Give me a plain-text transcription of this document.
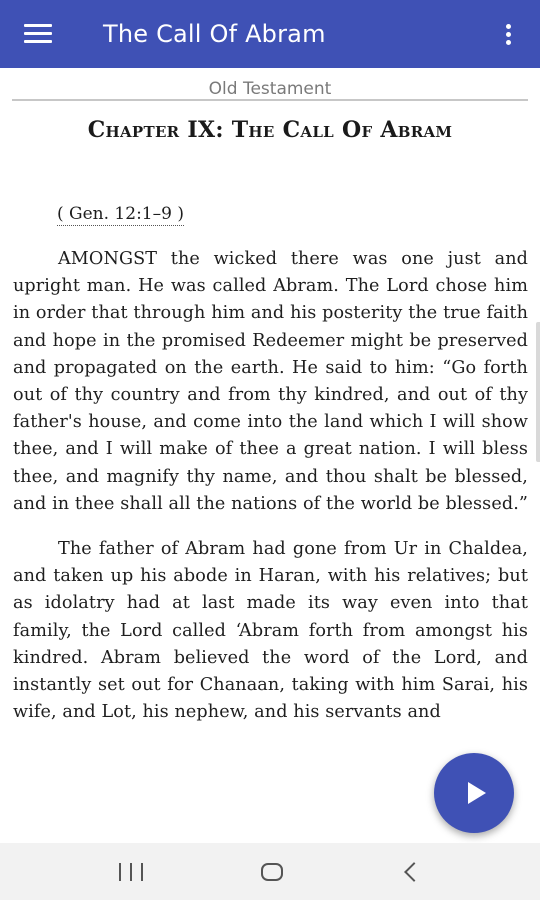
The Call Of Abram
Old Testament
Chapter IX: The Call Of Abram
( Gen. 12:1–9 )

AMONGST the wicked there was one just and upright man. He was called Abram. The Lord chose him in order that through him and his posterity the true faith and hope in the promised Redeemer might be preserved and propagated on the earth. He said to him: “Go forth out of thy country and from thy kindred, and out of thy father's house, and come into the land which I will show thee, and I will make of thee a great nation. I will bless thee, and magnify thy name, and thou shalt be blessed, and in thee shall all the nations of the world be blessed.”

The father of Abram had gone from Ur in Chaldea, and taken up his abode in Haran, with his relatives; but as idolatry had at last made its way even into that family, the Lord called ‘Abram forth from amongst his kindred. Abram believed the word of the Lord, and instantly set out for Chanaan, taking with him Sarai, his wife, and Lot, his nephew, and his servants and
